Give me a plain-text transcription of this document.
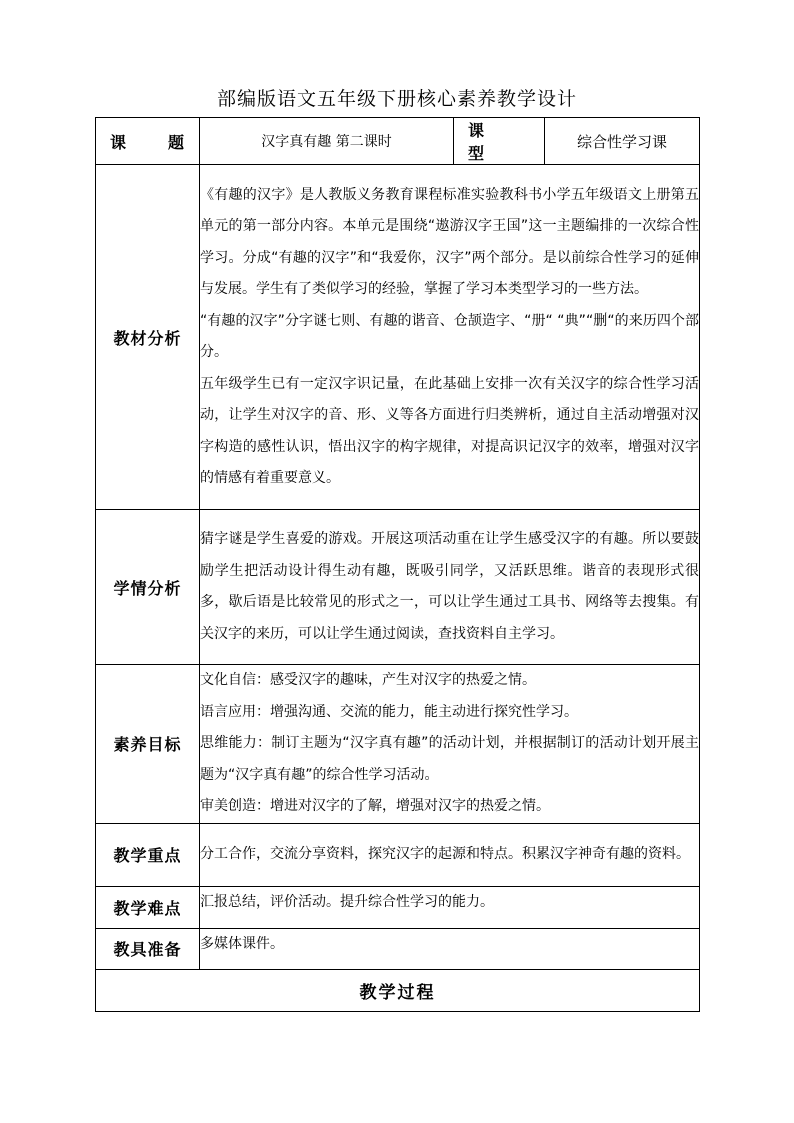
部编版语文五年级下册核心素养教学设计
课　　题	汉字真有趣 第二课时	课　　型	综合性学习课
教材分析	《有趣的汉字》是人教版义务教育课程标准实验教科书小学五年级语文上册第五单元的第一部分内容。本单元是围绕“遨游汉字王国”这一主题编排的一次综合性学习。分成“有趣的汉字”和“我爱你，汉字”两个部分。是以前综合性学习的延伸与发展。学生有了类似学习的经验，掌握了学习本类型学习的一些方法。

“有趣的汉字”分字谜七则、有趣的谐音、仓颉造字、“册“ “典”“删“的来历四个部分。

五年级学生已有一定汉字识记量，在此基础上安排一次有关汉字的综合性学习活动，让学生对汉字的音、形、义等各方面进行归类辨析，通过自主活动增强对汉字构造的感性认识，悟出汉字的构字规律，对提高识记汉字的效率，增强对汉字的情感有着重要意义。		

学情分析	猜字谜是学生喜爱的游戏。开展这项活动重在让学生感受汉字的有趣。所以要鼓励学生把活动设计得生动有趣，既吸引同学，又活跃思维。谐音的表现形式很多，歇后语是比较常见的形式之一，可以让学生通过工具书、网络等去搜集。有关汉字的来历，可以让学生通过阅读，查找资料自主学习。		

素养目标	文化自信：感受汉字的趣味，产生对汉字的热爱之情。

语言应用：增强沟通、交流的能力，能主动进行探究性学习。

思维能力：制订主题为“汉字真有趣”的活动计划，并根据制订的活动计划开展主题为“汉字真有趣”的综合性学习活动。

审美创造：增进对汉字的了解，增强对汉字的热爱之情。		

教学重点	分工合作，交流分享资料，探究汉字的起源和特点。积累汉字神奇有趣的资料。		

教学难点	汇报总结，评价活动。提升综合性学习的能力。		

教具准备	多媒体课件。		

教学过程			
